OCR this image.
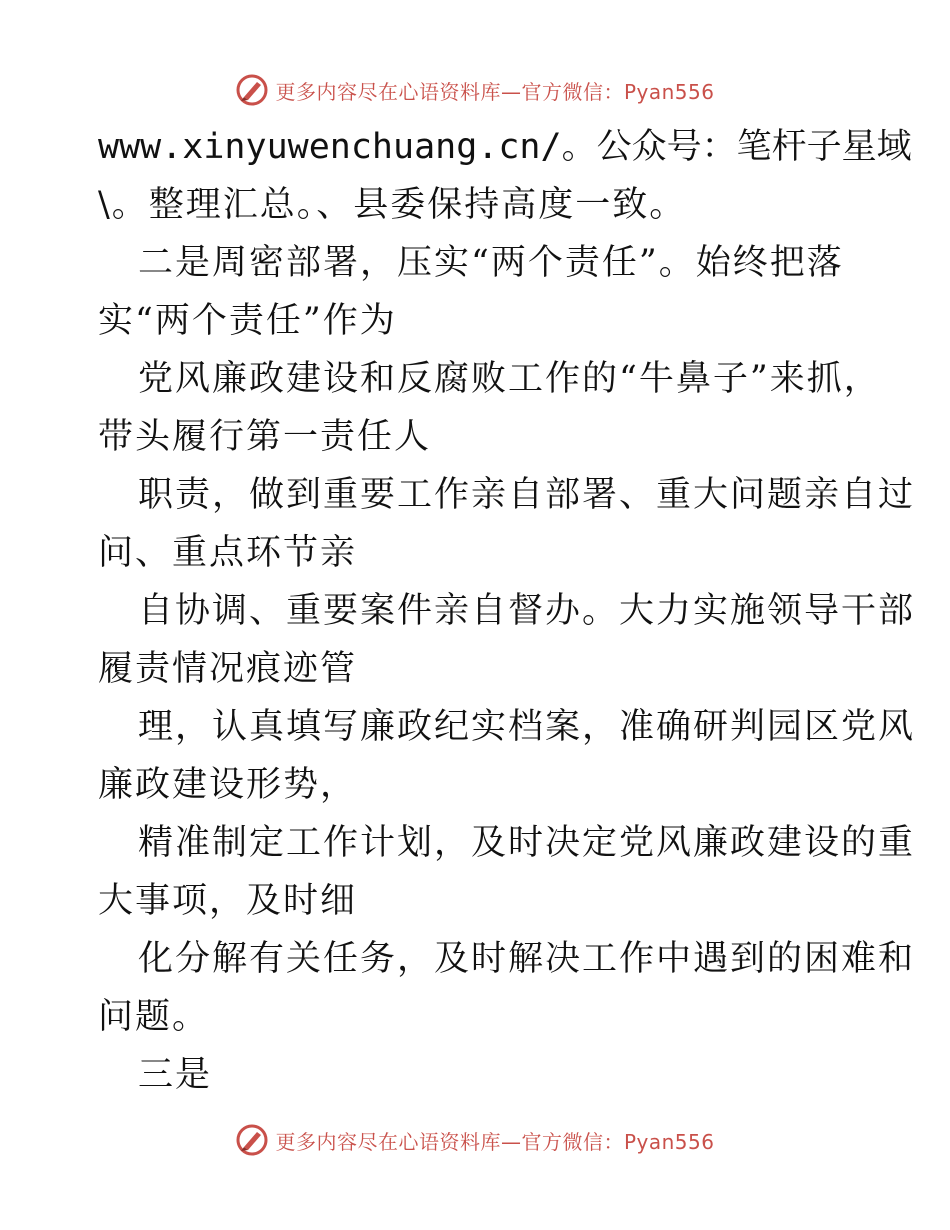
更多内容尽在心语资料库—官方微信：Pyan556
www.xinyuwenchuang.cn/。公众号：笔杆子星域
\。整理汇总。、县委保持高度一致。
二是周密部署，压实“两个责任”。始终把落
实“两个责任”作为
党风廉政建设和反腐败工作的“牛鼻子”来抓，
带头履行第一责任人
职责，做到重要工作亲自部署、重大问题亲自过
问、重点环节亲
自协调、重要案件亲自督办。大力实施领导干部
履责情况痕迹管
理，认真填写廉政纪实档案，准确研判园区党风
廉政建设形势，
精准制定工作计划，及时决定党风廉政建设的重
大事项，及时细
化分解有关任务，及时解决工作中遇到的困难和
问题。
三是
更多内容尽在心语资料库—官方微信：Pyan556
